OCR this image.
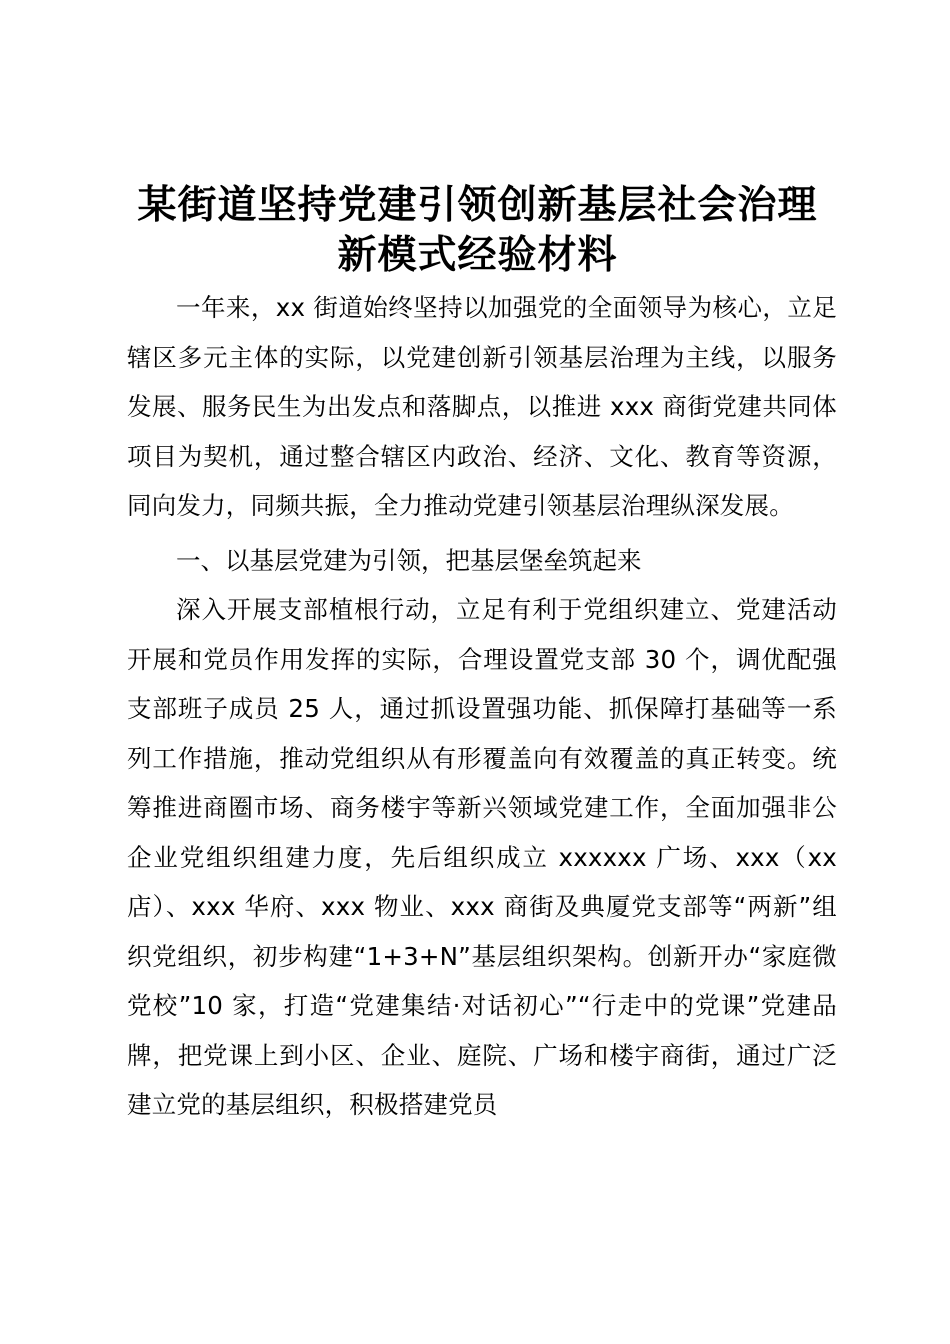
某街道坚持党建引领创新基层社会治理
新模式经验材料

一年来，xx 街道始终坚持以加强党的全面领导为核心，立足辖区多元主体的实际，以党建创新引领基层治理为主线，以服务发展、服务民生为出发点和落脚点，以推进 xxx 商街党建共同体项目为契机，通过整合辖区内政治、经济、文化、教育等资源，同向发力，同频共振，全力推动党建引领基层治理纵深发展。

一、以基层党建为引领，把基层堡垒筑起来

深入开展支部植根行动，立足有利于党组织建立、党建活动开展和党员作用发挥的实际，合理设置党支部 30 个，调优配强支部班子成员 25 人，通过抓设置强功能、抓保障打基础等一系列工作措施，推动党组织从有形覆盖向有效覆盖的真正转变。统筹推进商圈市场、商务楼宇等新兴领域党建工作，全面加强非公企业党组织组建力度，先后组织成立 xxxxxx 广场、xxx（xx 店）、xxx 华府、xxx 物业、xxx 商街及典厦党支部等“两新”组织党组织，初步构建“1+3+N”基层组织架构。创新开办“家庭微党校”10 家，打造“党建集结·对话初心”“行走中的党课”党建品牌，把党课上到小区、企业、庭院、广场和楼宇商街，通过广泛建立党的基层组织，积极搭建党员
